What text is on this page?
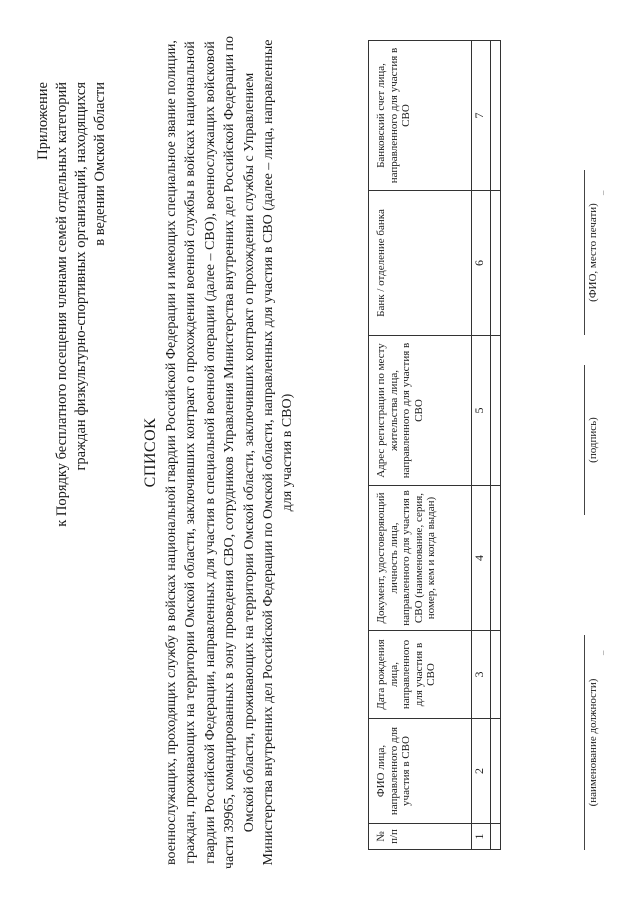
Приложение к Порядку бесплатного посещения членами семей отдельных категорий граждан физкультурно-спортивных организаций, находящихся в ведении Омской области
СПИСОК военнослужащих, проходящих службу в войсках национальной гвардии Российской Федерации и имеющих специальное звание полиции, граждан, проживающих на территории Омской области, заключивших контракт о прохождении военной службы в войсках национальной гвардии Российской Федерации, направленных для участия в специальной военной операции (далее – СВО), военнослужащих войсковой части 39965, командированных в зону проведения СВО, сотрудников Управления Министерства внутренних дел Российской Федерации по Омской области, проживающих на территории Омской области, заключивших контракт о прохождении службы с Управлением Министерства внутренних дел Российской Федерации по Омской области, направленных для участия в СВО (далее – лица, направленные для участия в СВО)
№ п/п	ФИО лица, направленного для участия в СВО	Дата рождения лица, направленного для участия в СВО	Документ, удостоверяющий личность лица, направленного для участия в СВО (наименование, серия, номер, кем и когда выдан)	Адрес регистрации по месту жительства лица, направленного для участия в СВО	Банк / отделение банка	Банковский счет лица, направленного для участия в СВО
1	2	3	4	5	6	7

(наименование должности)
(подпись)
(ФИО, место печати)
–
–
